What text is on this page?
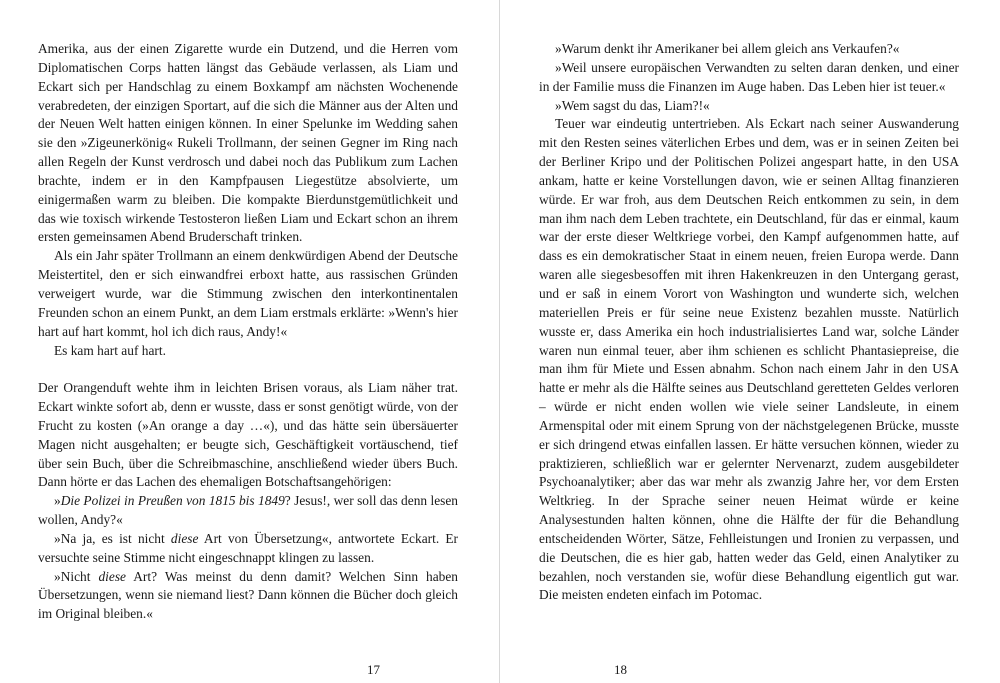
Amerika, aus der einen Zigarette wurde ein Dutzend, und die Herren vom Diplomatischen Corps hatten längst das Gebäude verlassen, als Liam und Eckart sich per Handschlag zu einem Boxkampf am nächsten Wochenende verabredeten, der einzigen Sportart, auf die sich die Männer aus der Alten und der Neuen Welt hatten einigen können. In einer Spelunke im Wedding sahen sie den »Zigeunerkönig« Rukeli Trollmann, der seinen Gegner im Ring nach allen Regeln der Kunst verdrosch und dabei noch das Publikum zum Lachen brachte, indem er in den Kampfpausen Liegestütze absolvierte, um einigermaßen warm zu bleiben. Die kompakte Bierdunstgemütlichkeit und das wie toxisch wirkende Testosteron ließen Liam und Eckart schon an ihrem ersten gemeinsamen Abend Bruderschaft trinken.

Als ein Jahr später Trollmann an einem denkwürdigen Abend der Deutsche Meistertitel, den er sich einwandfrei erboxt hatte, aus rassischen Gründen verweigert wurde, war die Stimmung zwischen den interkontinentalen Freunden schon an einem Punkt, an dem Liam erstmals erklärte: »Wenn's hier hart auf hart kommt, hol ich dich raus, Andy!«

Es kam hart auf hart.

Der Orangenduft wehte ihm in leichten Brisen voraus, als Liam näher trat. Eckart winkte sofort ab, denn er wusste, dass er sonst genötigt würde, von der Frucht zu kosten (»An orange a day …«), und das hätte sein übersäuerter Magen nicht ausgehalten; er beugte sich, Geschäftigkeit vortäuschend, tief über sein Buch, über die Schreibmaschine, anschließend wieder übers Buch. Dann hörte er das Lachen des ehemaligen Botschaftsangehörigen:

»Die Polizei in Preußen von 1815 bis 1849? Jesus!, wer soll das denn lesen wollen, Andy?«

»Na ja, es ist nicht diese Art von Übersetzung«, antwortete Eckart. Er versuchte seine Stimme nicht eingeschnappt klingen zu lassen.

»Nicht diese Art? Was meinst du denn damit? Welchen Sinn haben Übersetzungen, wenn sie niemand liest? Dann können die Bücher doch gleich im Original bleiben.«

17

»Warum denkt ihr Amerikaner bei allem gleich ans Verkaufen?«

»Weil unsere europäischen Verwandten zu selten daran denken, und einer in der Familie muss die Finanzen im Auge haben. Das Leben hier ist teuer.«

»Wem sagst du das, Liam?!«

Teuer war eindeutig untertrieben. Als Eckart nach seiner Auswanderung mit den Resten seines väterlichen Erbes und dem, was er in seinen Zeiten bei der Berliner Kripo und der Politischen Polizei angespart hatte, in den USA ankam, hatte er keine Vorstellungen davon, wie er seinen Alltag finanzieren würde. Er war froh, aus dem Deutschen Reich entkommen zu sein, in dem man ihm nach dem Leben trachtete, ein Deutschland, für das er einmal, kaum war der erste dieser Weltkriege vorbei, den Kampf aufgenommen hatte, auf dass es ein demokratischer Staat in einem neuen, freien Europa werde. Dann waren alle siegesbesoffen mit ihren Hakenkreuzen in den Untergang gerast, und er saß in einem Vorort von Washington und wunderte sich, welchen materiellen Preis er für seine neue Existenz bezahlen musste. Natürlich wusste er, dass Amerika ein hoch industrialisiertes Land war, solche Länder waren nun einmal teuer, aber ihm schienen es schlicht Phantasiepreise, die man ihm für Miete und Essen abnahm. Schon nach einem Jahr in den USA hatte er mehr als die Hälfte seines aus Deutschland geretteten Geldes verloren – würde er nicht enden wollen wie viele seiner Landsleute, in einem Armenspital oder mit einem Sprung von der nächstgelegenen Brücke, musste er sich dringend etwas einfallen lassen. Er hätte versuchen können, wieder zu praktizieren, schließlich war er gelernter Nervenarzt, zudem ausgebildeter Psychoanalytiker; aber das war mehr als zwanzig Jahre her, vor dem Ersten Weltkrieg. In der Sprache seiner neuen Heimat würde er keine Analysestunden halten können, ohne die Hälfte der für die Behandlung entscheidenden Wörter, Sätze, Fehlleistungen und Ironien zu verpassen, und die Deutschen, die es hier gab, hatten weder das Geld, einen Analytiker zu bezahlen, noch verstanden sie, wofür diese Behandlung eigentlich gut war. Die meisten endeten einfach im Potomac.

18
